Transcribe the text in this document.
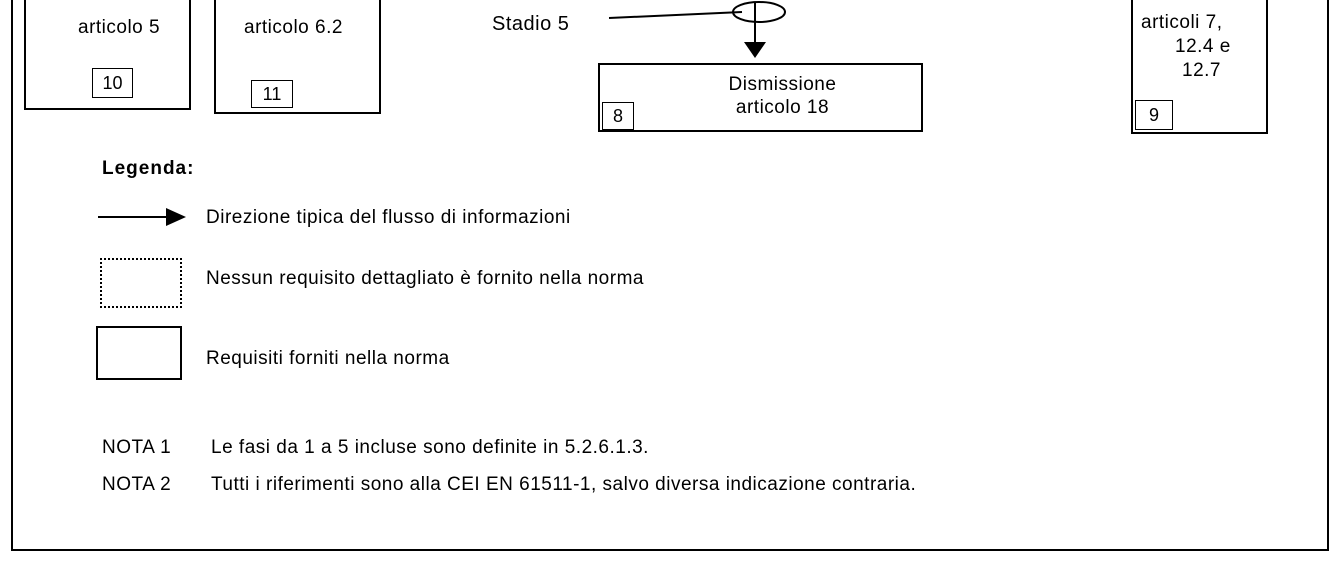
articolo 5
10
articolo 6.2
11
Stadio 5
Dismissione
articolo 18
8
articoli 7,
12.4 e
12.7
9
Legenda:
Direzione tipica del flusso di informazioni
Nessun requisito dettagliato è fornito nella norma
Requisiti forniti nella norma
NOTA 1 Le fasi da 1 a 5 incluse sono definite in 5.2.6.1.3.
NOTA 2 Tutti i riferimenti sono alla CEI EN 61511-1, salvo diversa indicazione contraria.
